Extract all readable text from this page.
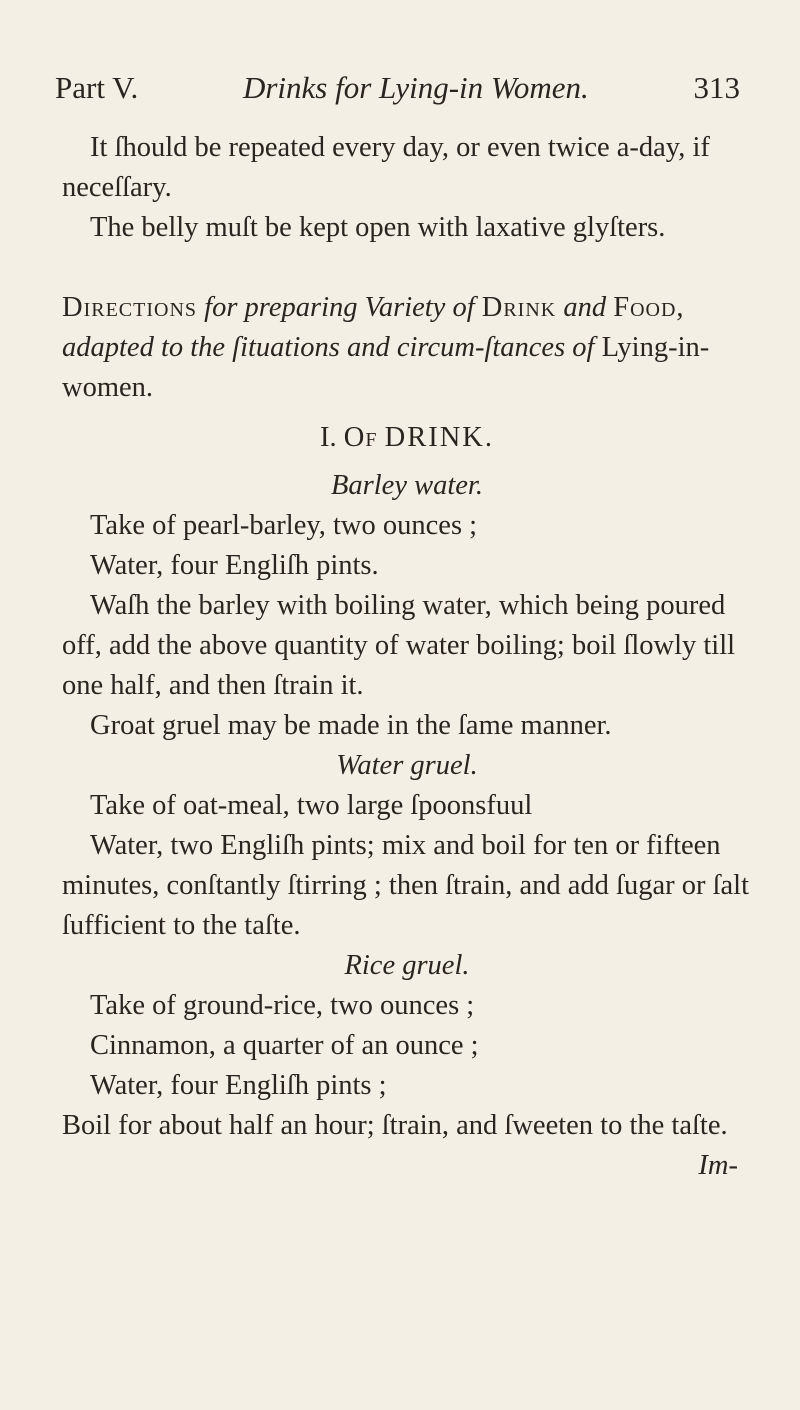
Part V.	Drinks for Lying-in Women.	313

It ſhould be repeated every day, or even twice a-day, if neceſſary.

The belly muſt be kept open with laxative glyſters.

Directions for preparing Variety of Drink and Food, adapted to the ſituations and circum-ſtances of Lying-in-women.

I. Of DRINK.

Barley water.

Take of pearl-barley, two ounces ;

Water, four Engliſh pints.

Waſh the barley with boiling water, which being poured off, add the above quantity of water boiling; boil ſlowly till one half, and then ſtrain it.

Groat gruel may be made in the ſame manner.

Water gruel.

Take of oat-meal, two large ſpoonsfuul

Water, two Engliſh pints; mix and boil for ten or fifteen minutes, conſtantly ſtirring ; then ſtrain, and add ſugar or ſalt ſufficient to the taſte.

Rice gruel.

Take of ground-rice, two ounces ;

Cinnamon, a quarter of an ounce ;

Water, four Engliſh pints ;

Boil for about half an hour; ſtrain, and ſweeten to the taſte.

Im-
